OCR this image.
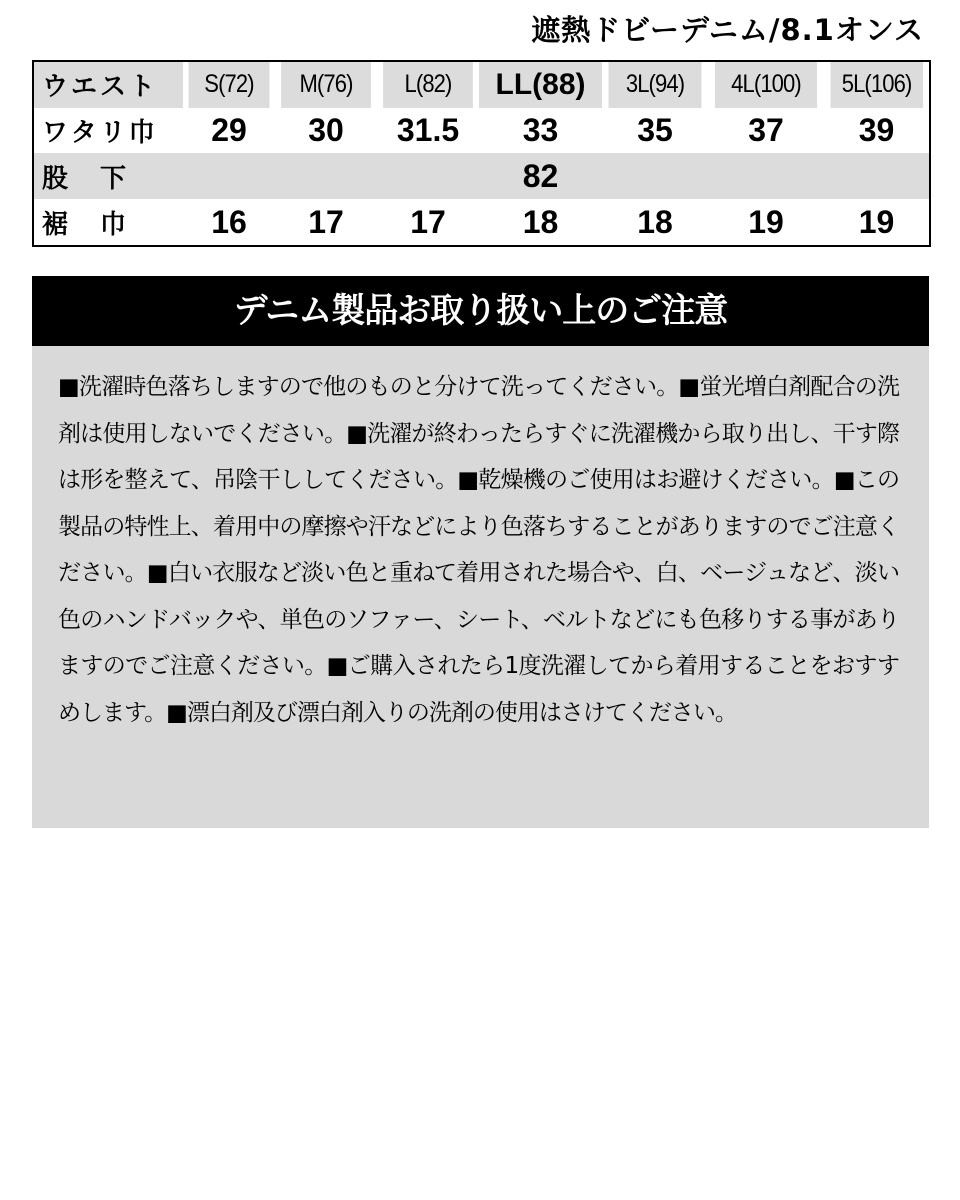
遮熱ドビーデニム/8.1オンス
ウエスト	S(72)	M(76)	L(82)	LL(88)	3L(94)	4L(100)	5L(106)
ワタリ巾	29	30	31.5	33	35	37	39
股　下				82			
裾　巾	16	17	17	18	18	19	19
デニム製品お取り扱い上のご注意

■洗濯時色落ちしますので他のものと分けて洗ってください。■蛍光増白剤配合の洗剤は使用しないでください。■洗濯が終わったらすぐに洗濯機から取り出し、干す際は形を整えて、吊陰干ししてください。■乾燥機のご使用はお避けください。■この製品の特性上、着用中の摩擦や汗などにより色落ちすることがありますのでご注意ください。■白い衣服など淡い色と重ねて着用された場合や、白、ベージュなど、淡い色のハンドバックや、単色のソファー、シート、ベルトなどにも色移りする事がありますのでご注意ください。■ご購入されたら1度洗濯してから着用することをおすすめします。■漂白剤及び漂白剤入りの洗剤の使用はさけてください。
